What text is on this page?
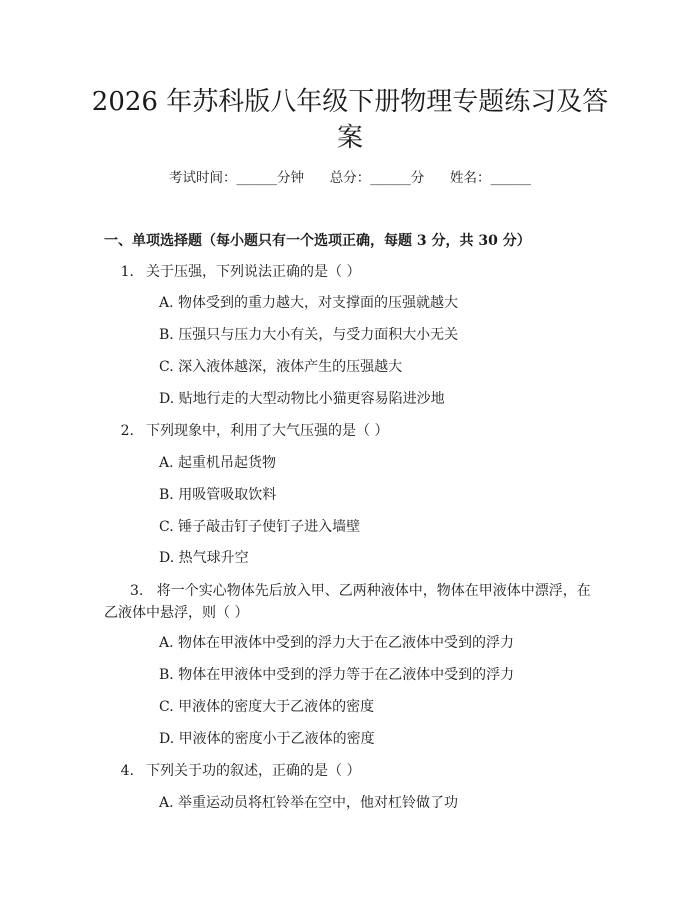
2026 年苏科版八年级下册物理专题练习及答案
考试时间：______分钟      总分：______分      姓名：______
一、单项选择题（每小题只有一个选项正确，每题 3 分，共 30 分）
1. 关于压强，下列说法正确的是（ ）
A. 物体受到的重力越大，对支撑面的压强就越大
B. 压强只与压力大小有关，与受力面积大小无关
C. 深入液体越深，液体产生的压强越大
D. 贴地行走的大型动物比小猫更容易陷进沙地
2. 下列现象中，利用了大气压强的是（ ）
A. 起重机吊起货物
B. 用吸管吸取饮料
C. 锤子敲击钉子使钉子进入墙壁
D. 热气球升空
3. 将一个实心物体先后放入甲、乙两种液体中，物体在甲液体中漂浮，在乙液体中悬浮，则（ ）
A. 物体在甲液体中受到的浮力大于在乙液体中受到的浮力
B. 物体在甲液体中受到的浮力等于在乙液体中受到的浮力
C. 甲液体的密度大于乙液体的密度
D. 甲液体的密度小于乙液体的密度
4. 下列关于功的叙述，正确的是（ ）
A. 举重运动员将杠铃举在空中，他对杠铃做了功
